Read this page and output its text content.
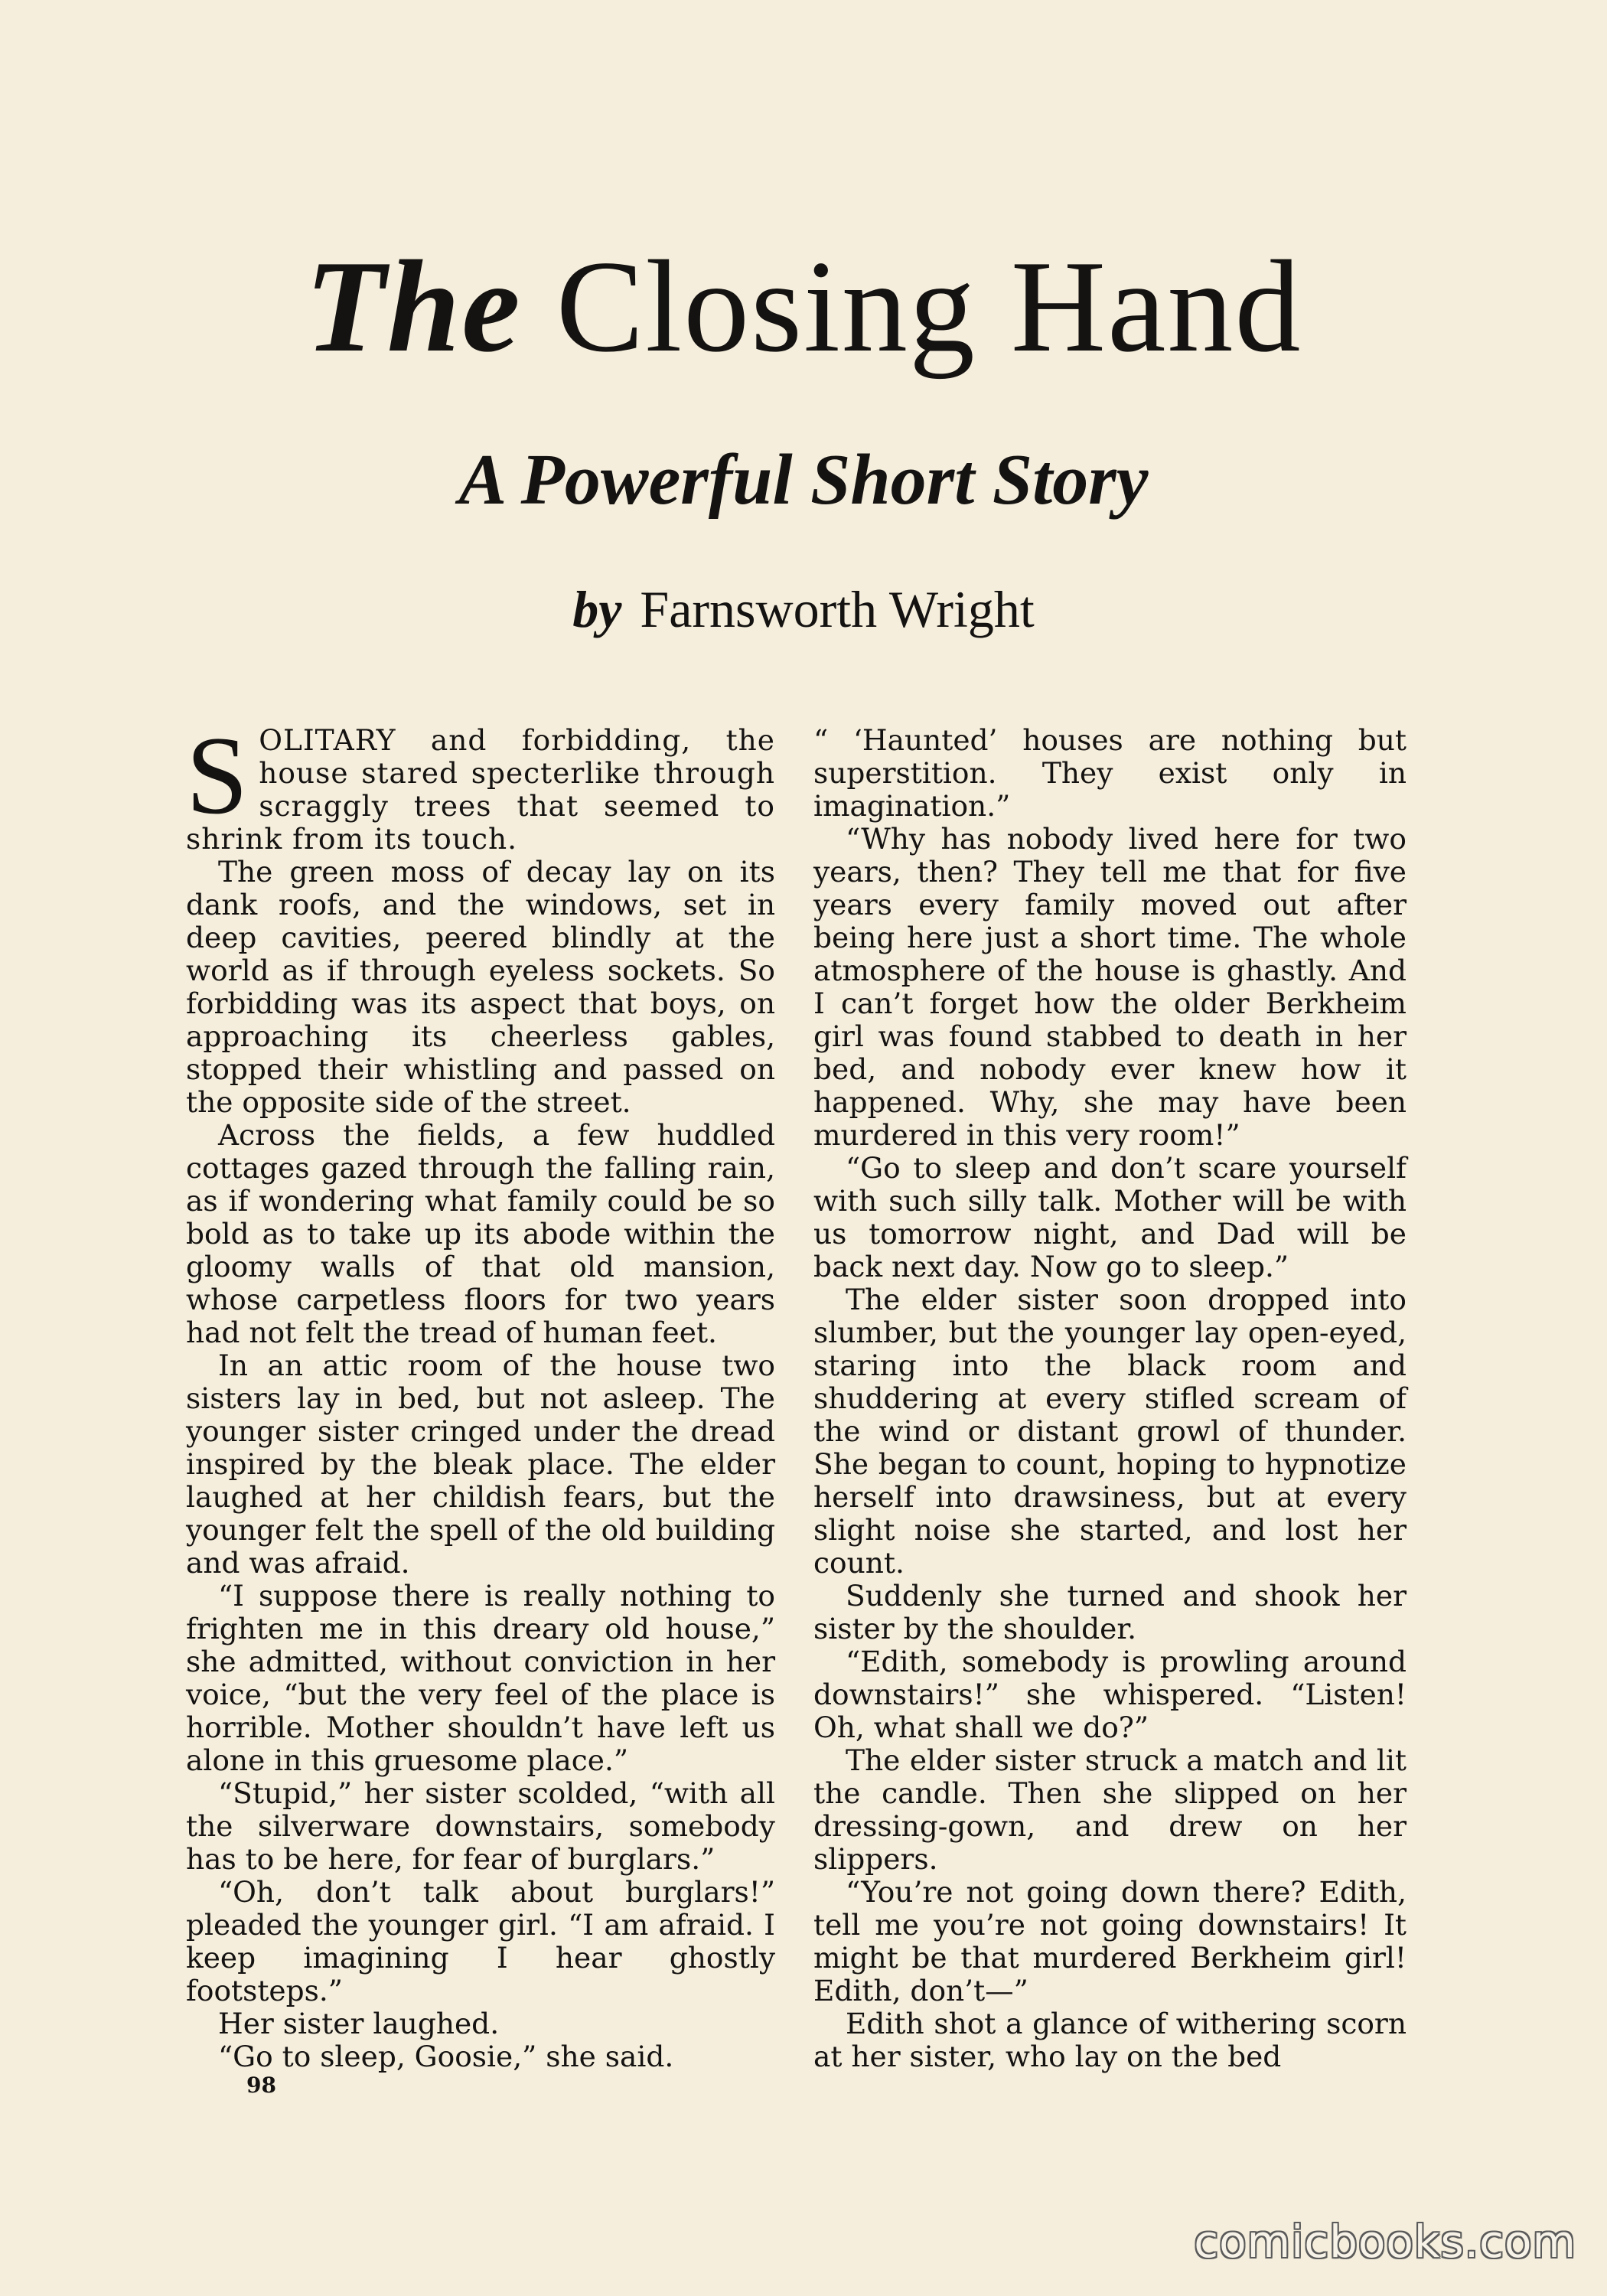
The Closing Hand
A Powerful Short Story
by Farnsworth Wright

SOLITARY and forbidding, the house stared specterlike through scraggly trees that seemed to shrink from its touch.

The green moss of decay lay on its dank roofs, and the windows, set in deep cavities, peered blindly at the world as if through eyeless sockets. So forbidding was its aspect that boys, on approaching its cheerless gables, stopped their whistling and passed on the opposite side of the street.

Across the fields, a few huddled cottages gazed through the falling rain, as if wondering what family could be so bold as to take up its abode within the gloomy walls of that old mansion, whose carpetless floors for two years had not felt the tread of human feet.

In an attic room of the house two sisters lay in bed, but not asleep. The younger sister cringed under the dread inspired by the bleak place. The elder laughed at her childish fears, but the younger felt the spell of the old building and was afraid.

“I suppose there is really nothing to frighten me in this dreary old house,” she admitted, without conviction in her voice, “but the very feel of the place is horrible. Mother shouldn’t have left us alone in this gruesome place.”

“Stupid,” her sister scolded, “with all the silverware downstairs, somebody has to be here, for fear of burglars.”

“Oh, don’t talk about burglars!” pleaded the younger girl. “I am afraid. I keep imagining I hear ghostly footsteps.”

Her sister laughed.

“Go to sleep, Goosie,” she said.

“ ‘Haunted’ houses are nothing but superstition. They exist only in imagination.”

“Why has nobody lived here for two years, then? They tell me that for five years every family moved out after being here just a short time. The whole atmosphere of the house is ghastly. And I can’t forget how the older Berkheim girl was found stabbed to death in her bed, and nobody ever knew how it happened. Why, she may have been murdered in this very room!”

“Go to sleep and don’t scare yourself with such silly talk. Mother will be with us tomorrow night, and Dad will be back next day. Now go to sleep.”

The elder sister soon dropped into slumber, but the younger lay open-eyed, staring into the black room and shuddering at every stifled scream of the wind or distant growl of thunder. She began to count, hoping to hypnotize herself into drawsiness, but at every slight noise she started, and lost her count.

Suddenly she turned and shook her sister by the shoulder.

“Edith, somebody is prowling around downstairs!” she whispered. “Listen! Oh, what shall we do?”

The elder sister struck a match and lit the candle. Then she slipped on her dressing-gown, and drew on her slippers.

“You’re not going down there? Edith, tell me you’re not going downstairs! It might be that murdered Berkheim girl! Edith, don’t—”

Edith shot a glance of withering scorn at her sister, who lay on the bed

98
comicbooks.com
